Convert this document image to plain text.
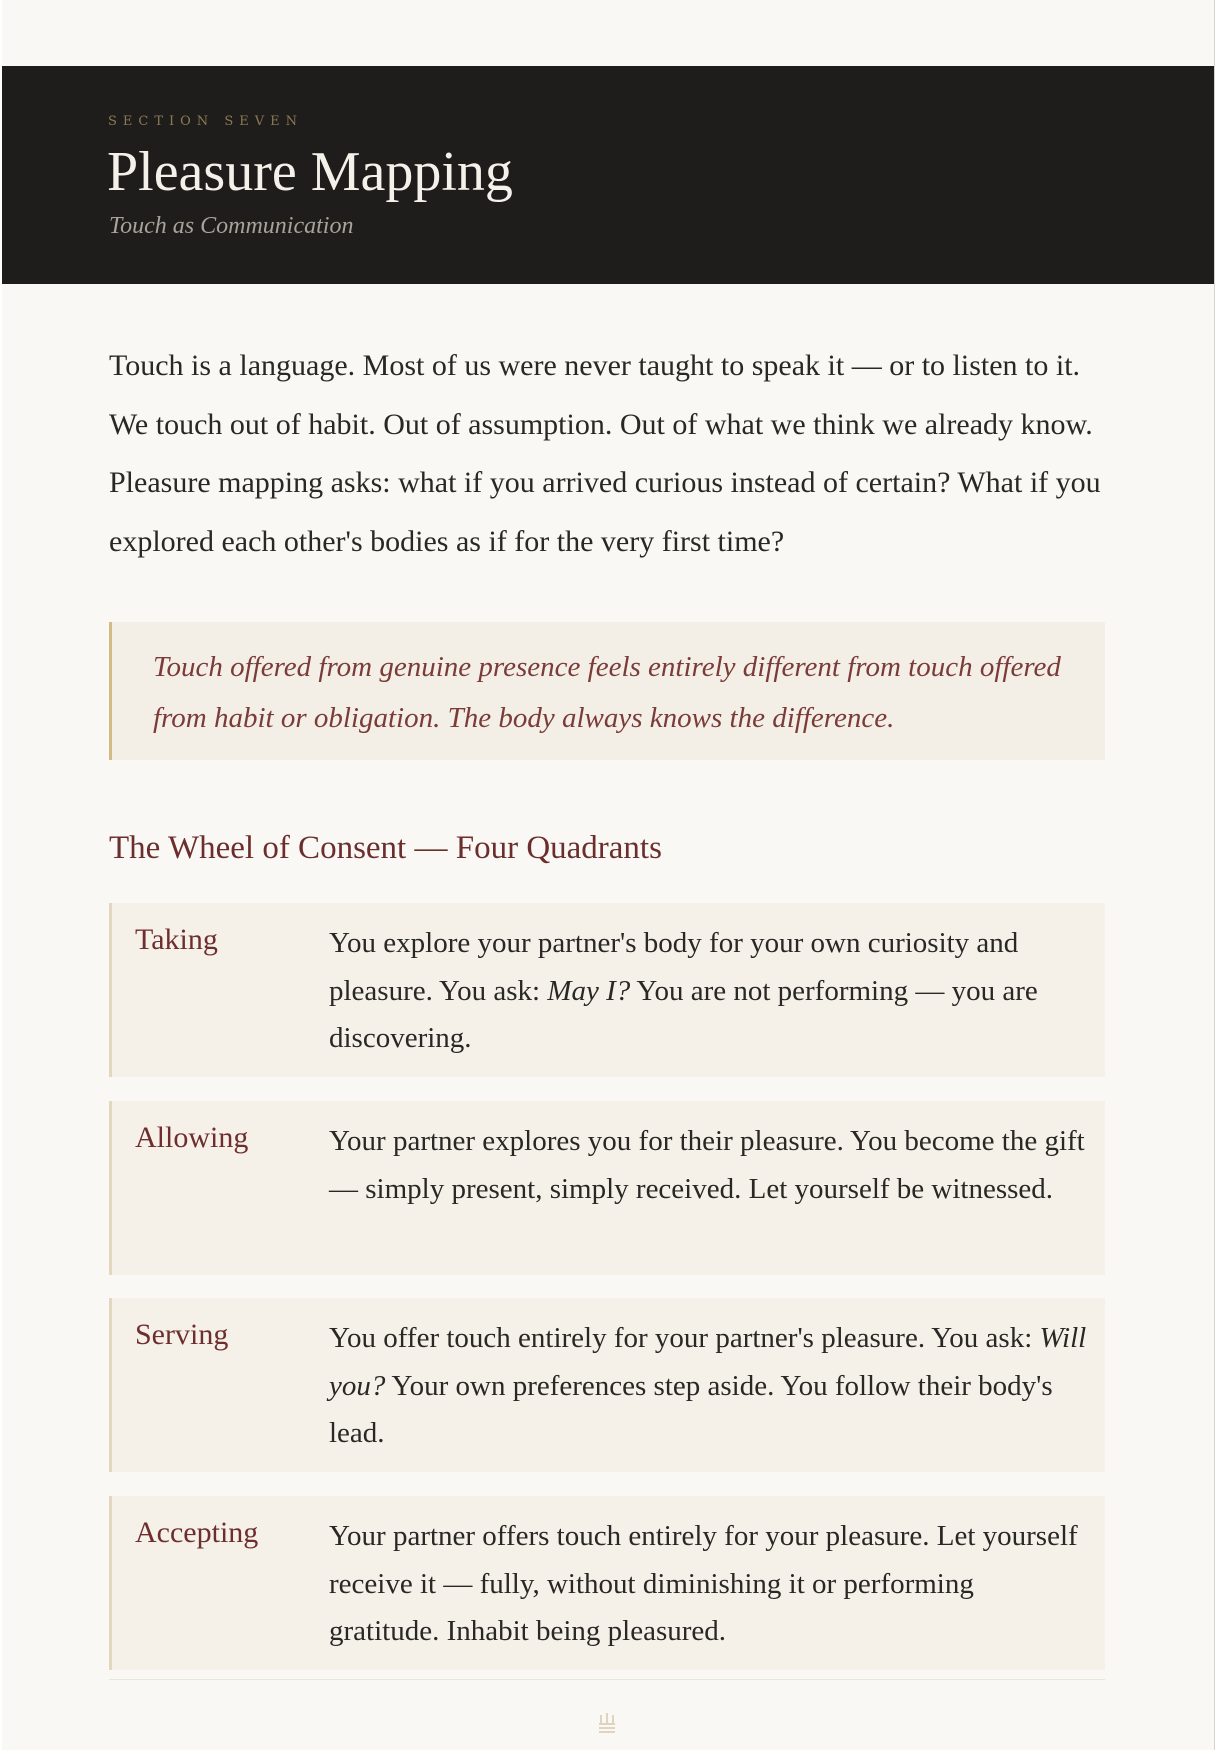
SECTION SEVEN
Pleasure Mapping
Touch as Communication

Touch is a language. Most of us were never taught to speak it — or to listen to it. We touch out of habit. Out of assumption. Out of what we think we already know. Pleasure mapping asks: what if you arrived curious instead of certain? What if you explored each other's bodies as if for the very first time?

Touch offered from genuine presence feels entirely different from touch offered from habit or obligation. The body always knows the difference.

The Wheel of Consent — Four Quadrants
Taking	You explore your partner's body for your own curiosity and pleasure. You ask: May I? You are not performing — you are discovering.

Allowing	Your partner explores you for their pleasure. You become the gift — simply present, simply received. Let yourself be witnessed.

Serving	You offer touch entirely for your partner's pleasure. You ask: Will you? Your own preferences step aside. You follow their body's lead.

Accepting Your partner offers touch entirely for your pleasure. Let yourself receive it — fully, without diminishing it or performing gratitude. Inhabit being pleasured.
